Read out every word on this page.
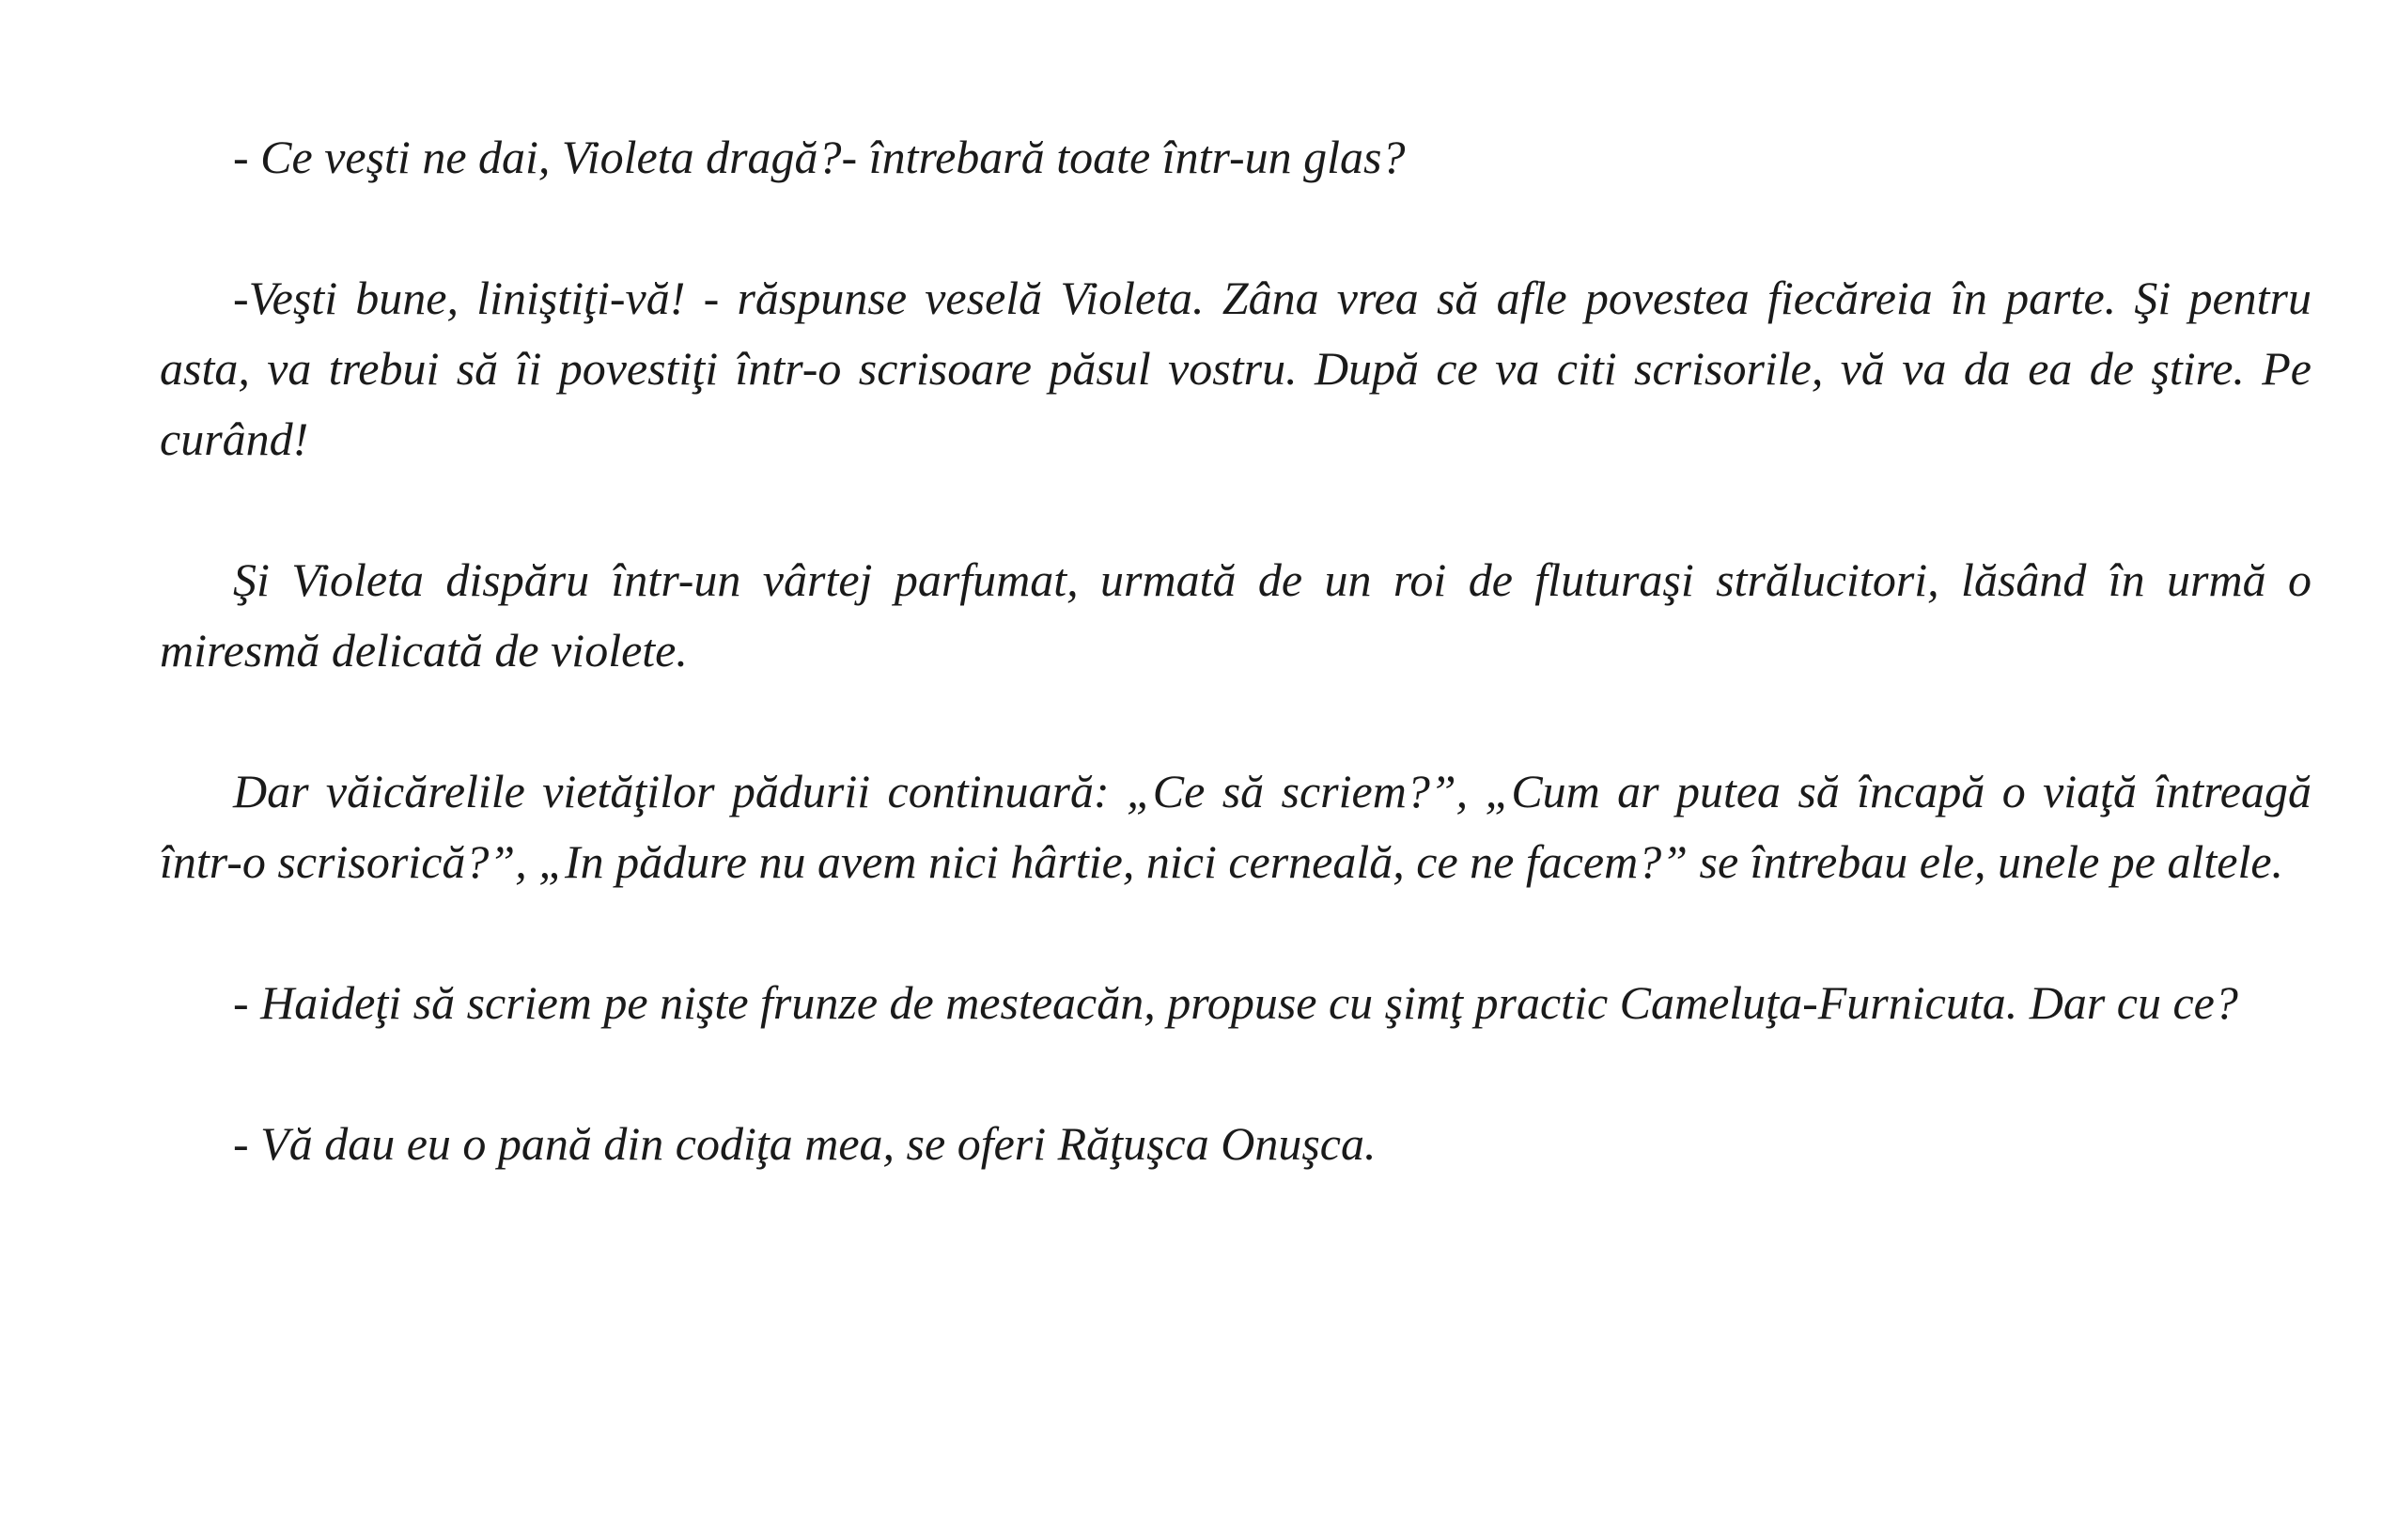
- Ce veşti ne dai, Violeta dragă?- întrebară toate într-un glas?

-Veşti bune, liniştiţi-vă! - răspunse veselă Violeta. Zâna vrea să afle povestea fiecăreia în parte. Şi pentru asta, va trebui să îi povestiţi într-o scrisoare păsul vostru. După ce va citi scrisorile, vă va da ea de ştire. Pe curând!

Şi Violeta dispăru într-un vârtej parfumat, urmată de un roi de fluturaşi strălucitori, lăsând în urmă o miresmă delicată de violete.

Dar văicărelile vietăţilor pădurii continuară: „Ce să scriem?”, „Cum ar putea să încapă o viaţă întreagă într-o scrisorică?”, „In pădure nu avem nici hârtie, nici cerneală, ce ne facem?” se întrebau ele, unele pe altele.

- Haideţi să scriem pe nişte frunze de mesteacăn, propuse cu şimţ practic Cameluţa-Furnicuta. Dar cu ce?

- Vă dau eu o pană din codiţa mea, se oferi Răţuşca Onuşca.
